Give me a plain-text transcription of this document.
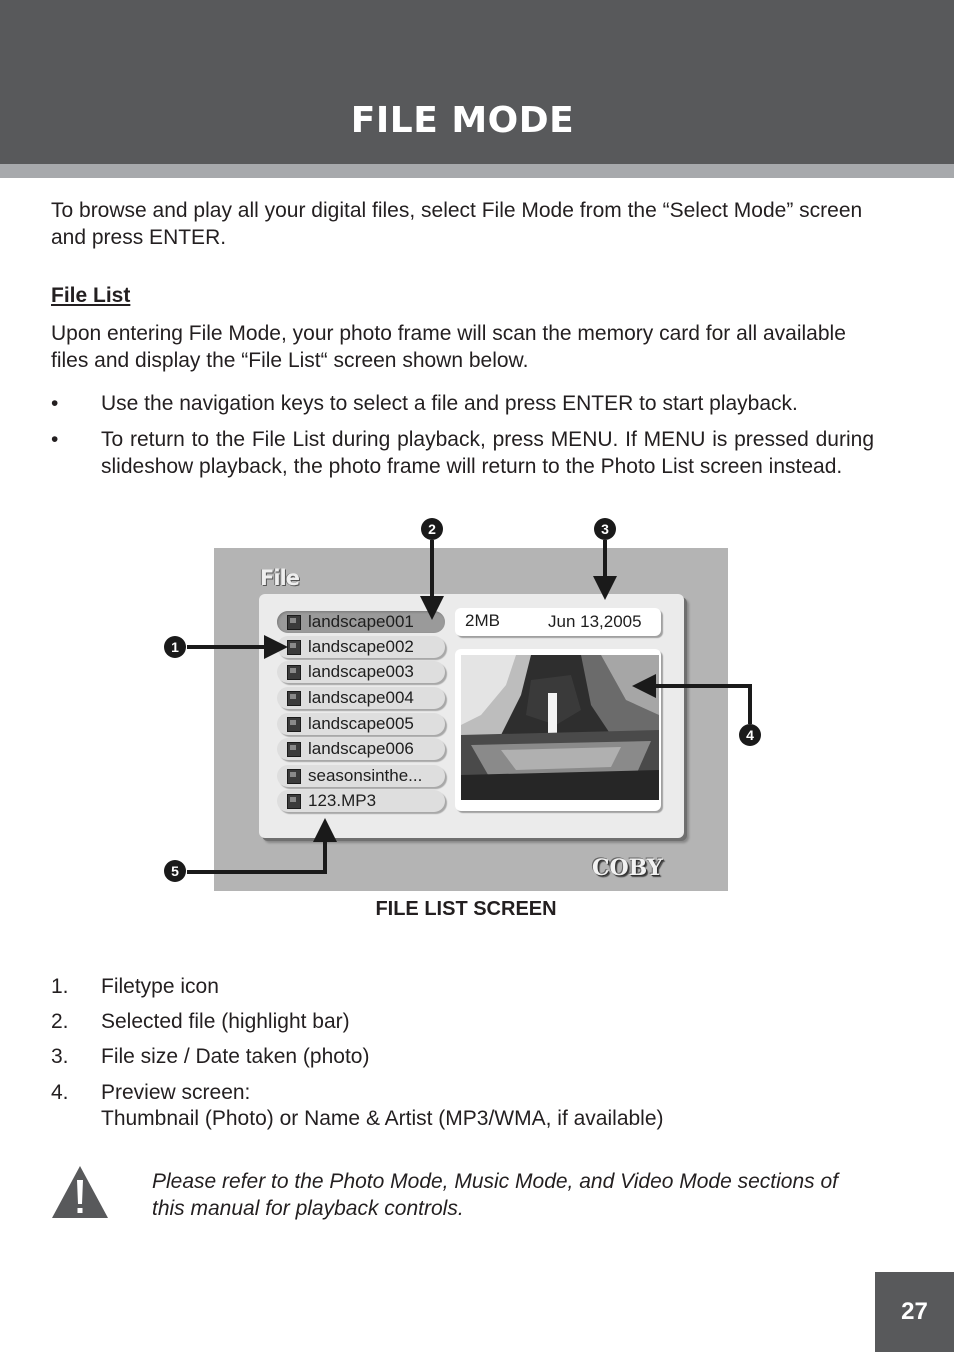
FILE MODE

To browse and play all your digital files, select File Mode from the “Select Mode” screen and press ENTER.

File List

Upon entering File Mode, your photo frame will scan the memory card for all available files and display the “File List“ screen shown below.

• Use the navigation keys to select a file and press ENTER to start playback.
• To return to the File List during playback, press MENU. If MENU is pressed during slideshow playback, the photo frame will return to the Photo List screen instead.
File
landscape001
landscape002
landscape003
landscape004
landscape005
landscape006
seasonsinthe...
123.MP3
2MB	Jun 13,2005
COBY
1
2	3
4
5
FILE LIST SCREEN
1. Filetype icon
2. Selected file (highlight bar)
3. File size / Date taken (photo)
4. Preview screen:
Thumbnail (Photo) or Name & Artist (MP3/WMA, if available)
Please refer to the Photo Mode, Music Mode, and Video Mode sections of this manual for playback controls.
27
